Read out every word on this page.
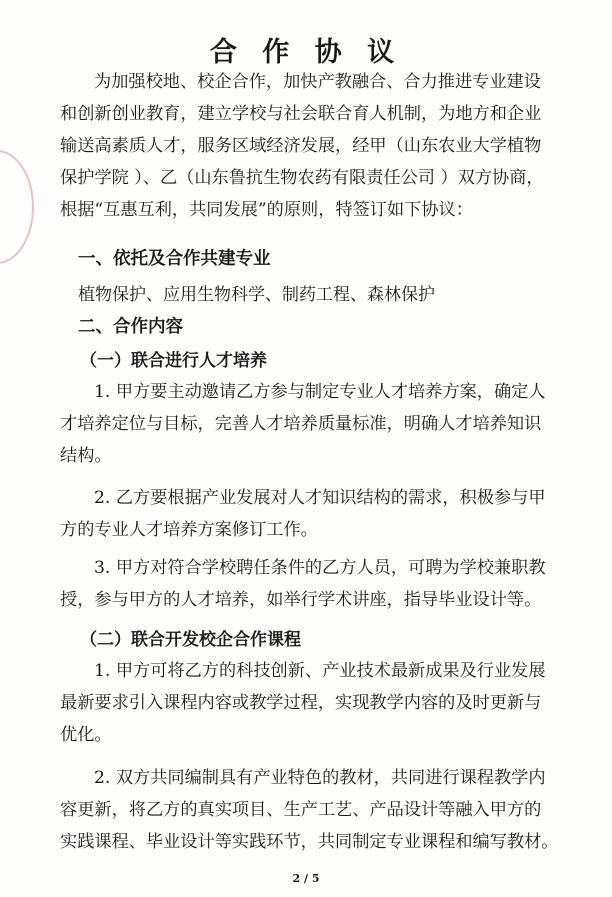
合 作 协 议
为加强校地、校企合作，加快产教融合、合力推进专业建设
和创新创业教育，建立学校与社会联合育人机制，为地方和企业
输送高素质人才，服务区域经济发展，经甲（山东农业大学植物
保护学院 ）、乙（山东鲁抗生物农药有限责任公司 ）双方协商，
根据“互惠互利，共同发展”的原则，特签订如下协议：
一、依托及合作共建专业
植物保护、应用生物科学、制药工程、森林保护
二、合作内容
（一）联合进行人才培养
1. 甲方要主动邀请乙方参与制定专业人才培养方案，确定人
才培养定位与目标，完善人才培养质量标准，明确人才培养知识
结构。
2. 乙方要根据产业发展对人才知识结构的需求，积极参与甲
方的专业人才培养方案修订工作。
3. 甲方对符合学校聘任条件的乙方人员，可聘为学校兼职教
授，参与甲方的人才培养，如举行学术讲座，指导毕业设计等。
（二）联合开发校企合作课程
1. 甲方可将乙方的科技创新、产业技术最新成果及行业发展
最新要求引入课程内容或教学过程，实现教学内容的及时更新与
优化。
2. 双方共同编制具有产业特色的教材，共同进行课程教学内
容更新，将乙方的真实项目、生产工艺、产品设计等融入甲方的
实践课程、毕业设计等实践环节，共同制定专业课程和编写教材。
2 / 5
